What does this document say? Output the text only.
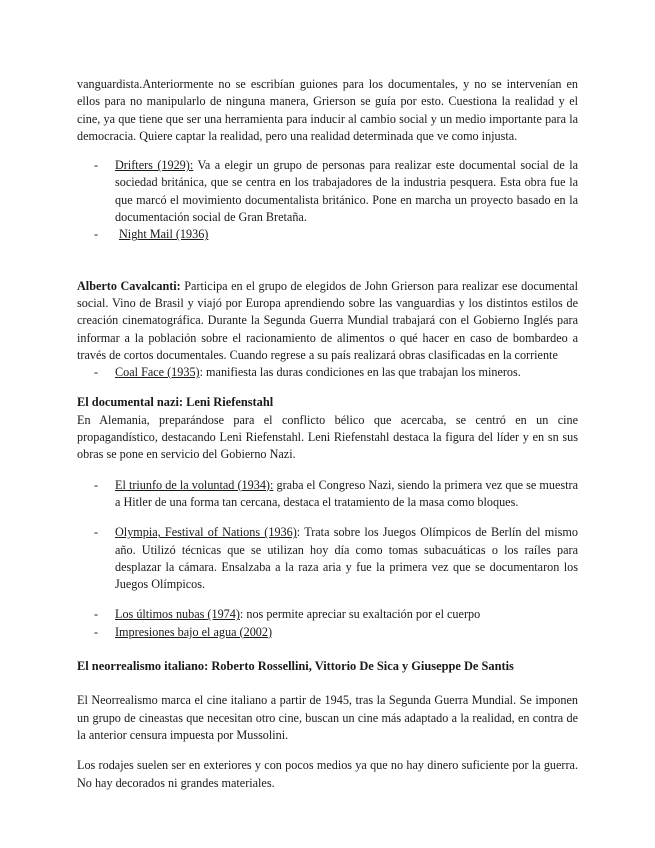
vanguardista.Anteriormente no se escribían guiones para los documentales, y no se intervenían en ellos para no manipularlo de ninguna manera, Grierson se guía por esto. Cuestiona la realidad y el cine, ya que tiene que ser una herramienta para inducir al cambio social y un medio importante para la democracia. Quiere captar la realidad, pero una realidad determinada que ve como injusta.

- Drifters (1929): Va a elegir un grupo de personas para realizar este documental social de la sociedad británica, que se centra en los trabajadores de la industria pesquera. Esta obra fue la que marcó el movimiento documentalista británico. Pone en marcha un proyecto basado en la documentación social de Gran Bretaña.
- Night Mail (1936)

Alberto Cavalcanti: Participa en el grupo de elegidos de John Grierson para realizar ese documental social. Vino de Brasil y viajó por Europa aprendiendo sobre las vanguardias y los distintos estilos de creación cinematográfica. Durante la Segunda Guerra Mundial trabajará con el Gobierno Inglés para informar a la población sobre el racionamiento de alimentos o qué hacer en caso de bombardeo a través de cortos documentales. Cuando regrese a su país realizará obras clasificadas en la corriente

- Coal Face (1935): manifiesta las duras condiciones en las que trabajan los mineros.
El documental nazi: Leni Riefenstahl

En Alemania, preparándose para el conflicto bélico que acercaba, se centró en un cine propagandístico, destacando Leni Riefenstahl. Leni Riefenstahl destaca la figura del líder y en sn sus obras se pone en servicio del Gobierno Nazi.

- El triunfo de la voluntad (1934): graba el Congreso Nazi, siendo la primera vez que se muestra a Hitler de una forma tan cercana, destaca el tratamiento de la masa como bloques.
- Olympia, Festival of Nations (1936): Trata sobre los Juegos Olímpicos de Berlín del mismo año. Utilizó técnicas que se utilizan hoy día como tomas subacuáticas o los raíles para desplazar la cámara. Ensalzaba a la raza aria y fue la primera vez que se documentaron los Juegos Olímpicos.
- Los últimos nubas (1974): nos permite apreciar su exaltación por el cuerpo
- Impresiones bajo el agua (2002)
El neorrealismo italiano: Roberto Rossellini, Vittorio De Sica y Giuseppe De Santis

El Neorrealismo marca el cine italiano a partir de 1945, tras la Segunda Guerra Mundial. Se imponen un grupo de cineastas que necesitan otro cine, buscan un cine más adaptado a la realidad, en contra de la anterior censura impuesta por Mussolini.

Los rodajes suelen ser en exteriores y con pocos medios ya que no hay dinero suficiente por la guerra. No hay decorados ni grandes materiales.
